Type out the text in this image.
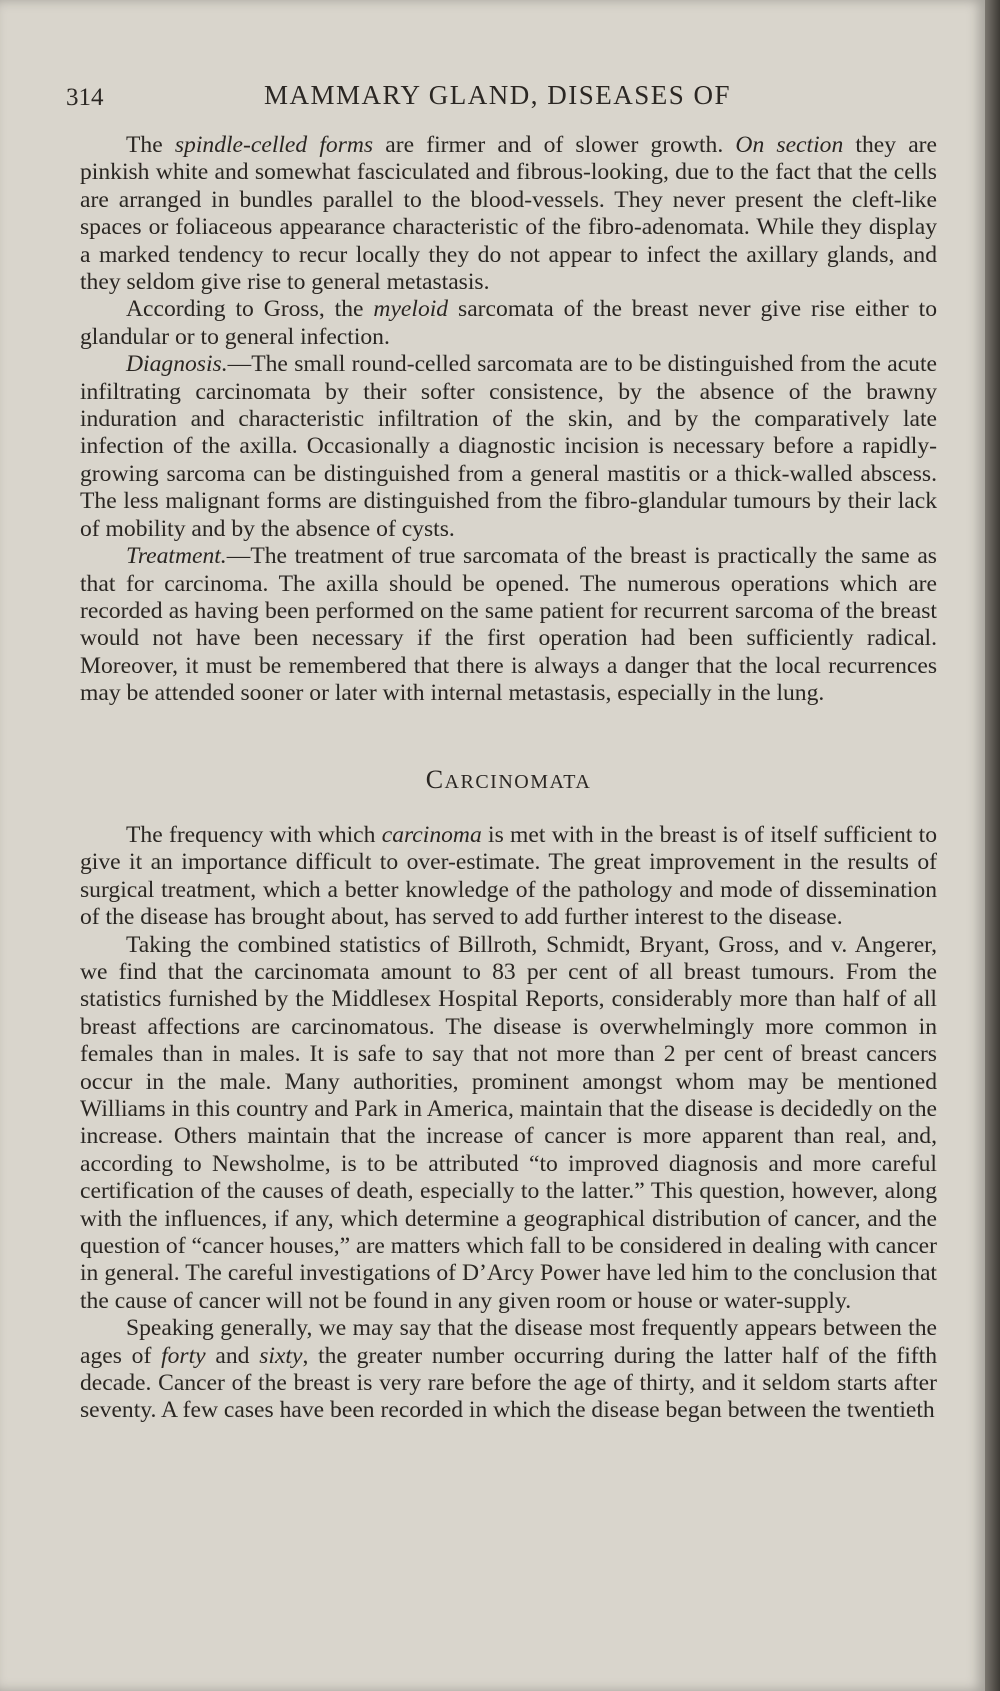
314	MAMMARY GLAND, DISEASES OF

The spindle-celled forms are firmer and of slower growth. On section they are pinkish white and somewhat fasciculated and fibrous-looking, due to the fact that the cells are arranged in bundles parallel to the blood-vessels. They never present the cleft-like spaces or foliaceous appearance characteristic of the fibro-adenomata. While they display a marked tendency to recur locally they do not appear to infect the axillary glands, and they seldom give rise to general metastasis.

According to Gross, the myeloid sarcomata of the breast never give rise either to glandular or to general infection.

Diagnosis.—The small round-celled sarcomata are to be distinguished from the acute infiltrating carcinomata by their softer consistence, by the absence of the brawny induration and characteristic infiltration of the skin, and by the comparatively late infection of the axilla. Occasionally a diagnostic incision is necessary before a rapidly-growing sarcoma can be distinguished from a general mastitis or a thick-walled abscess. The less malignant forms are distinguished from the fibro-glandular tumours by their lack of mobility and by the absence of cysts.

Treatment.—The treatment of true sarcomata of the breast is practically the same as that for carcinoma. The axilla should be opened. The numerous operations which are recorded as having been performed on the same patient for recurrent sarcoma of the breast would not have been necessary if the first operation had been sufficiently radical. Moreover, it must be remembered that there is always a danger that the local recurrences may be attended sooner or later with internal metastasis, especially in the lung.

CARCINOMATA

The frequency with which carcinoma is met with in the breast is of itself sufficient to give it an importance difficult to over-estimate. The great improvement in the results of surgical treatment, which a better knowledge of the pathology and mode of dissemination of the disease has brought about, has served to add further interest to the disease.

Taking the combined statistics of Billroth, Schmidt, Bryant, Gross, and v. Angerer, we find that the carcinomata amount to 83 per cent of all breast tumours. From the statistics furnished by the Middlesex Hospital Reports, considerably more than half of all breast affections are carcinomatous. The disease is overwhelmingly more common in females than in males. It is safe to say that not more than 2 per cent of breast cancers occur in the male. Many authorities, prominent amongst whom may be mentioned Williams in this country and Park in America, maintain that the disease is decidedly on the increase. Others maintain that the increase of cancer is more apparent than real, and, according to Newsholme, is to be attributed “to improved diagnosis and more careful certification of the causes of death, especially to the latter.” This question, however, along with the influences, if any, which determine a geographical distribution of cancer, and the question of “cancer houses,” are matters which fall to be considered in dealing with cancer in general. The careful investigations of D’Arcy Power have led him to the conclusion that the cause of cancer will not be found in any given room or house or water-supply.

Speaking generally, we may say that the disease most frequently appears between the ages of forty and sixty, the greater number occurring during the latter half of the fifth decade. Cancer of the breast is very rare before the age of thirty, and it seldom starts after seventy. A few cases have been recorded in which the disease began between the twentieth
